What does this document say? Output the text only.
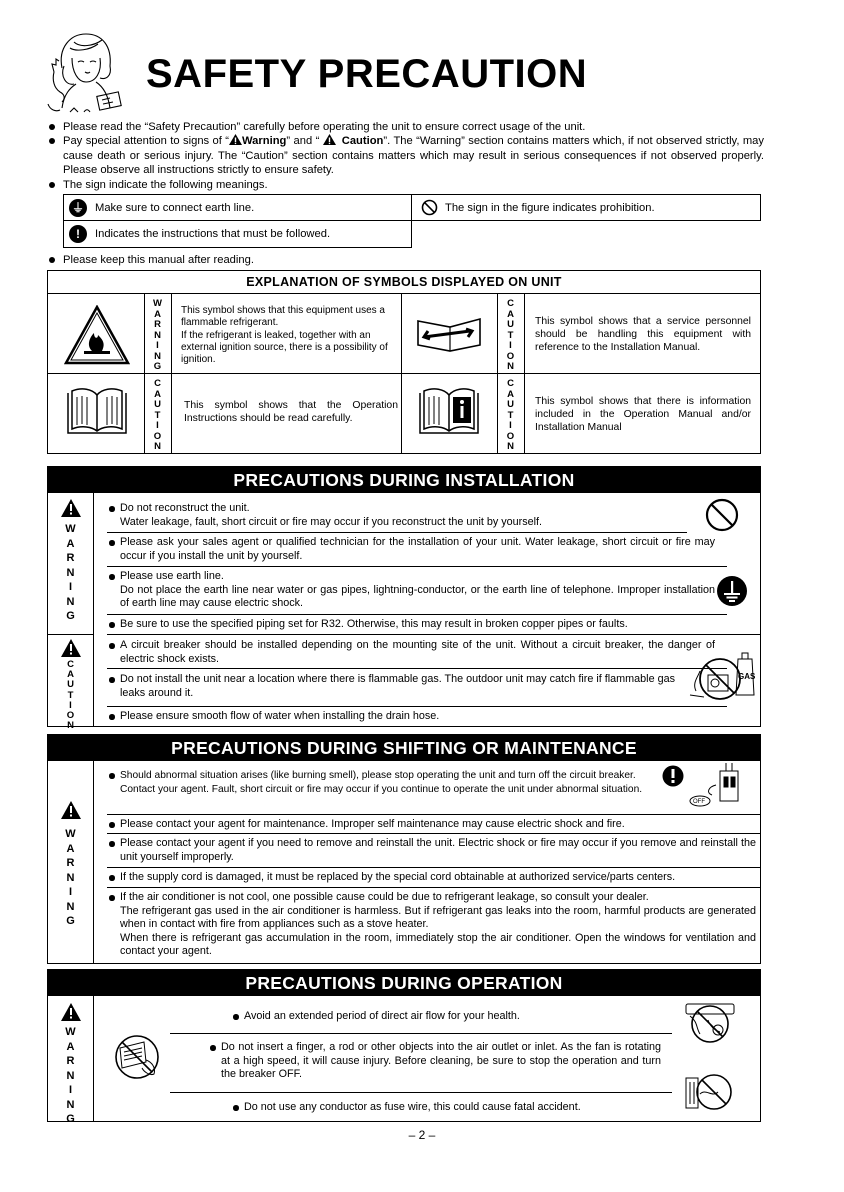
SAFETY PRECAUTION
Please read the “Safety Precaution” carefully before operating the unit to ensure correct usage of the unit.
Pay special attention to signs of “ Warning” and “ Caution”. The “Warning” section contains matters which, if not observed strictly, may cause death or serious injury. The “Caution” section contains matters which may result in serious consequences if not observed properly. Please observe all instructions strictly to ensure safety.
The sign indicate the following meanings.
⏚ Make sure to connect earth line.	The sign in the figure indicates prohibition.
!	Indicates the instructions that must be followed.
Please keep this manual after reading.
EXPLANATION OF SYMBOLS DISPLAYED ON UNIT
W
A
R
N
I
N
G
This symbol shows that this equipment uses a flammable refrigerant.
If the refrigerant is leaked, together with an external ignition source, there is a possibility of ignition.
C
A
U
T
I
O
N
This symbol shows that a service personnel should be handling this equipment with reference to the Installation Manual.
C
A
U
T
I
O
N
This symbol shows that the Operation Instructions should be read carefully.
C
A
U
T
I
O
N
This symbol shows that there is information included in the Operation Manual and/or Installation Manual
PRECAUTIONS DURING INSTALLATION
W
A
R
N
I
N
G
C
A
U
T
I
O
N
Do not reconstruct the unit.
Water leakage, fault, short circuit or fire may occur if you reconstruct the unit by yourself.
Please ask your sales agent or qualified technician for the installation of your unit. Water leakage, short circuit or fire may occur if you install the unit by yourself.
Please use earth line.
Do not place the earth line near water or gas pipes, lightning-conductor, or the earth line of telephone. Improper installation of earth line may cause electric shock.
Be sure to use the specified piping set for R32. Otherwise, this may result in broken copper pipes or faults.
A circuit breaker should be installed depending on the mounting site of the unit. Without a circuit breaker, the danger of electric shock exists.
Do not install the unit near a location where there is flammable gas. The outdoor unit may catch fire if flammable gas leaks around it.
Please ensure smooth flow of water when installing the drain hose.
GAS
PRECAUTIONS DURING SHIFTING OR MAINTENANCE
W
A
R
N
I
N
G
Should abnormal situation arises (like burning smell), please stop operating the unit and turn off the circuit breaker. Contact your agent. Fault, short circuit or fire may occur if you continue to operate the unit under abnormal situation.
Please contact your agent for maintenance. Improper self maintenance may cause electric shock and fire.
Please contact your agent if you need to remove and reinstall the unit. Electric shock or fire may occur if you remove and reinstall the unit yourself improperly.
If the supply cord is damaged, it must be replaced by the special cord obtainable at authorized service/parts centers.
If the air conditioner is not cool, one possible cause could be due to refrigerant leakage, so consult your dealer.
The refrigerant gas used in the air conditioner is harmless. But if refrigerant gas leaks into the room, harmful products are generated when in contact with fire from appliances such as a stove heater.
When there is refrigerant gas accumulation in the room, immediately stop the air conditioner. Open the windows for ventilation and contact your agent.
OFF
PRECAUTIONS DURING OPERATION
W
A
R
N
I
N
G
Avoid an extended period of direct air flow for your health.
Do not insert a finger, a rod or other objects into the air outlet or inlet. As the fan is rotating at a high speed, it will cause injury. Before cleaning, be sure to stop the operation and turn the breaker OFF.
Do not use any conductor as fuse wire, this could cause fatal accident.
– 2 –
